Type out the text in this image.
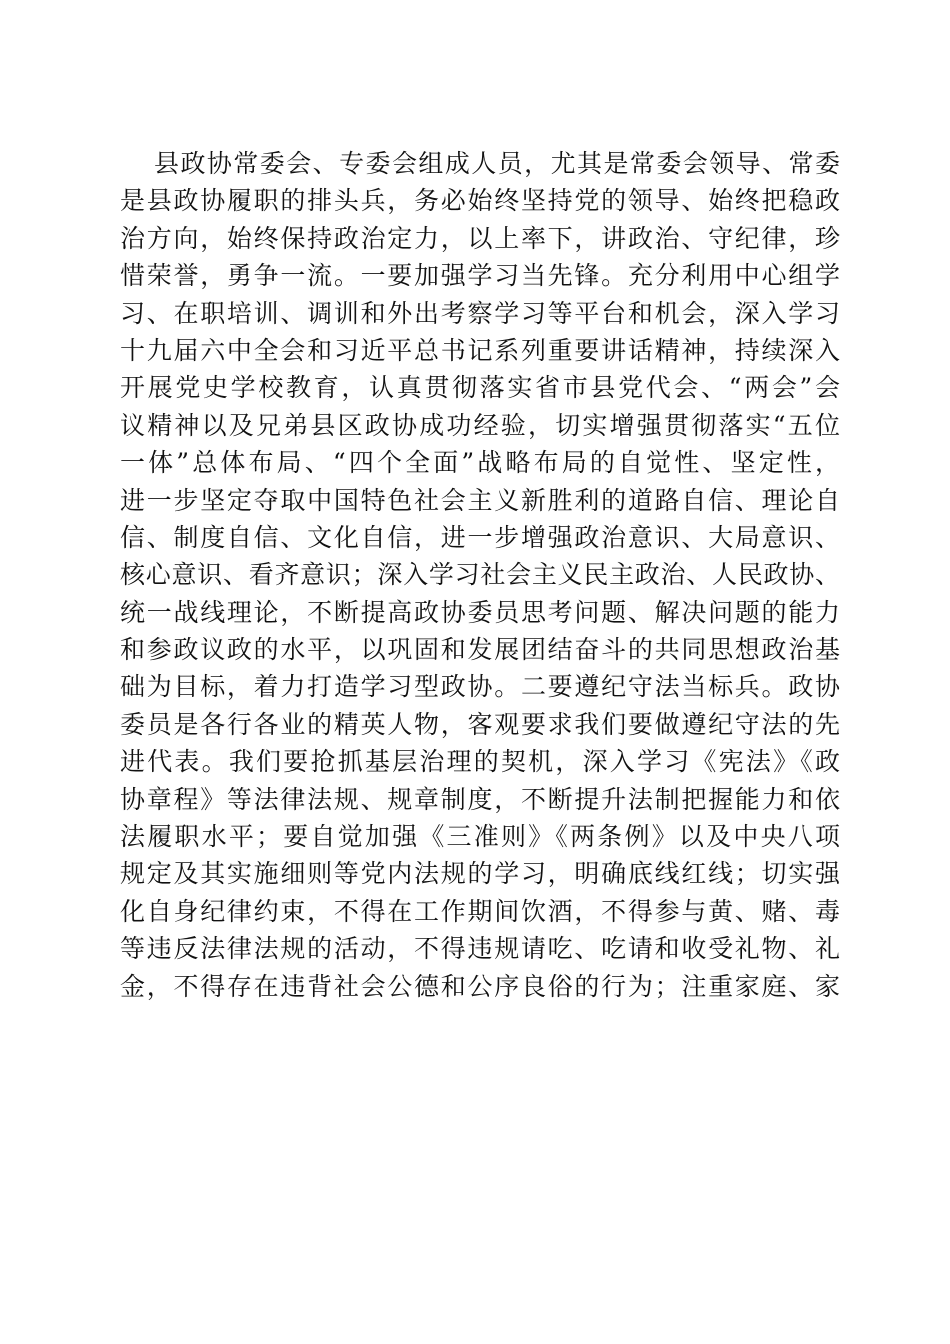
县政协常委会、专委会组成人员，尤其是常委会领导、常委
是县政协履职的排头兵，务必始终坚持党的领导、始终把稳政
治方向，始终保持政治定力，以上率下，讲政治、守纪律，珍
惜荣誉，勇争一流。一要加强学习当先锋。充分利用中心组学
习、在职培训、调训和外出考察学习等平台和机会，深入学习
十九届六中全会和习近平总书记系列重要讲话精神，持续深入
开展党史学校教育，认真贯彻落实省市县党代会、“两会”会
议精神以及兄弟县区政协成功经验，切实增强贯彻落实“五位
一体”总体布局、“四个全面”战略布局的自觉性、坚定性，
进一步坚定夺取中国特色社会主义新胜利的道路自信、理论自
信、制度自信、文化自信，进一步增强政治意识、大局意识、
核心意识、看齐意识；深入学习社会主义民主政治、人民政协、
统一战线理论，不断提高政协委员思考问题、解决问题的能力
和参政议政的水平，以巩固和发展团结奋斗的共同思想政治基
础为目标，着力打造学习型政协。二要遵纪守法当标兵。政协
委员是各行各业的精英人物，客观要求我们要做遵纪守法的先
进代表。我们要抢抓基层治理的契机，深入学习《宪法》《政
协章程》等法律法规、规章制度，不断提升法制把握能力和依
法履职水平；要自觉加强《三准则》《两条例》以及中央八项
规定及其实施细则等党内法规的学习，明确底线红线；切实强
化自身纪律约束，不得在工作期间饮酒，不得参与黄、赌、毒
等违反法律法规的活动，不得违规请吃、吃请和收受礼物、礼
金，不得存在违背社会公德和公序良俗的行为；注重家庭、家
